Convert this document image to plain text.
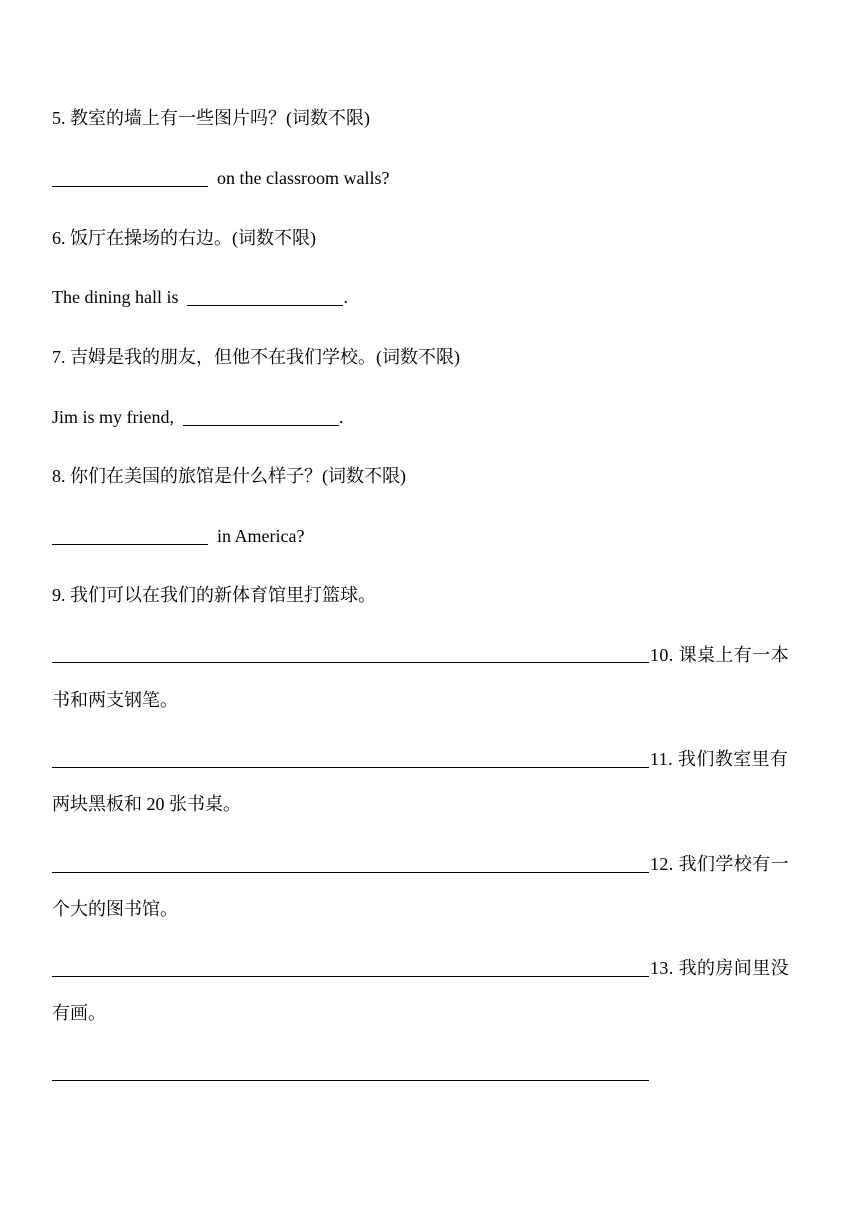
5. 教室的墙上有一些图片吗？(词数不限)
on the classroom walls?
6. 饭厅在操场的右边。(词数不限)
The dining hall is	.
7. 吉姆是我的朋友，但他不在我们学校。(词数不限)
Jim is my friend,	.
8. 你们在美国的旅馆是什么样子？(词数不限)
in America?
9. 我们可以在我们的新体育馆里打篮球。
10. 课桌上有一本
书和两支钢笔。
11. 我们教室里有
两块黑板和 20 张书桌。
12. 我们学校有一
个大的图书馆。
13. 我的房间里没
有画。
